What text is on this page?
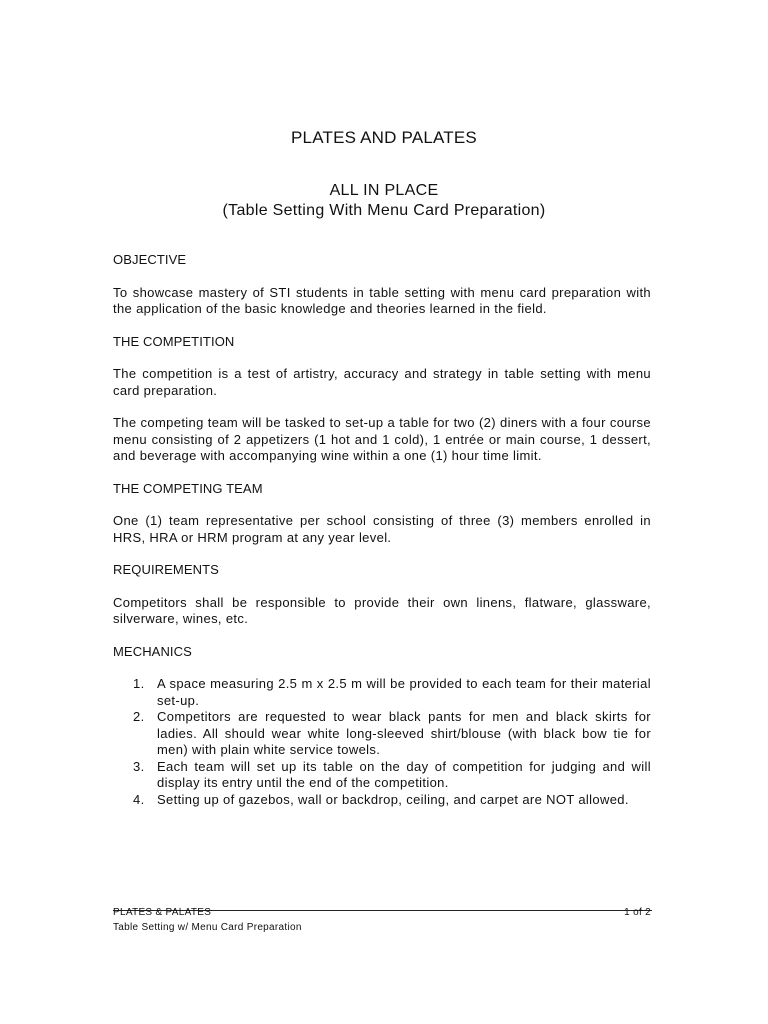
PLATES AND PALATES
ALL IN PLACE
(Table Setting With Menu Card Preparation)
OBJECTIVE

To showcase mastery of STI students in table setting with menu card preparation with the application of the basic knowledge and theories learned in the field.

THE COMPETITION

The competition is a test of artistry, accuracy and strategy in table setting with menu card preparation.

The competing team will be tasked to set-up a table for two (2) diners with a four course menu consisting of 2 appetizers (1 hot and 1 cold), 1 entrée or main course, 1 dessert, and beverage with accompanying wine within a one (1) hour time limit.

THE COMPETING TEAM

One (1) team representative per school consisting of three (3) members enrolled in HRS, HRA or HRM program at any year level.

REQUIREMENTS

Competitors shall be responsible to provide their own linens, flatware, glassware, silverware, wines, etc.

MECHANICS
1. A space measuring 2.5 m x 2.5 m will be provided to each team for their material set-up.
2. Competitors are requested to wear black pants for men and black skirts for ladies. All should wear white long-sleeved shirt/blouse (with black bow tie for men) with plain white service towels.
3. Each team will set up its table on the day of competition for judging and will display its entry until the end of the competition.
4. Setting up of gazebos, wall or backdrop, ceiling, and carpet are NOT allowed.
PLATES & PALATES	1 of 2
Table Setting w/ Menu Card Preparation
